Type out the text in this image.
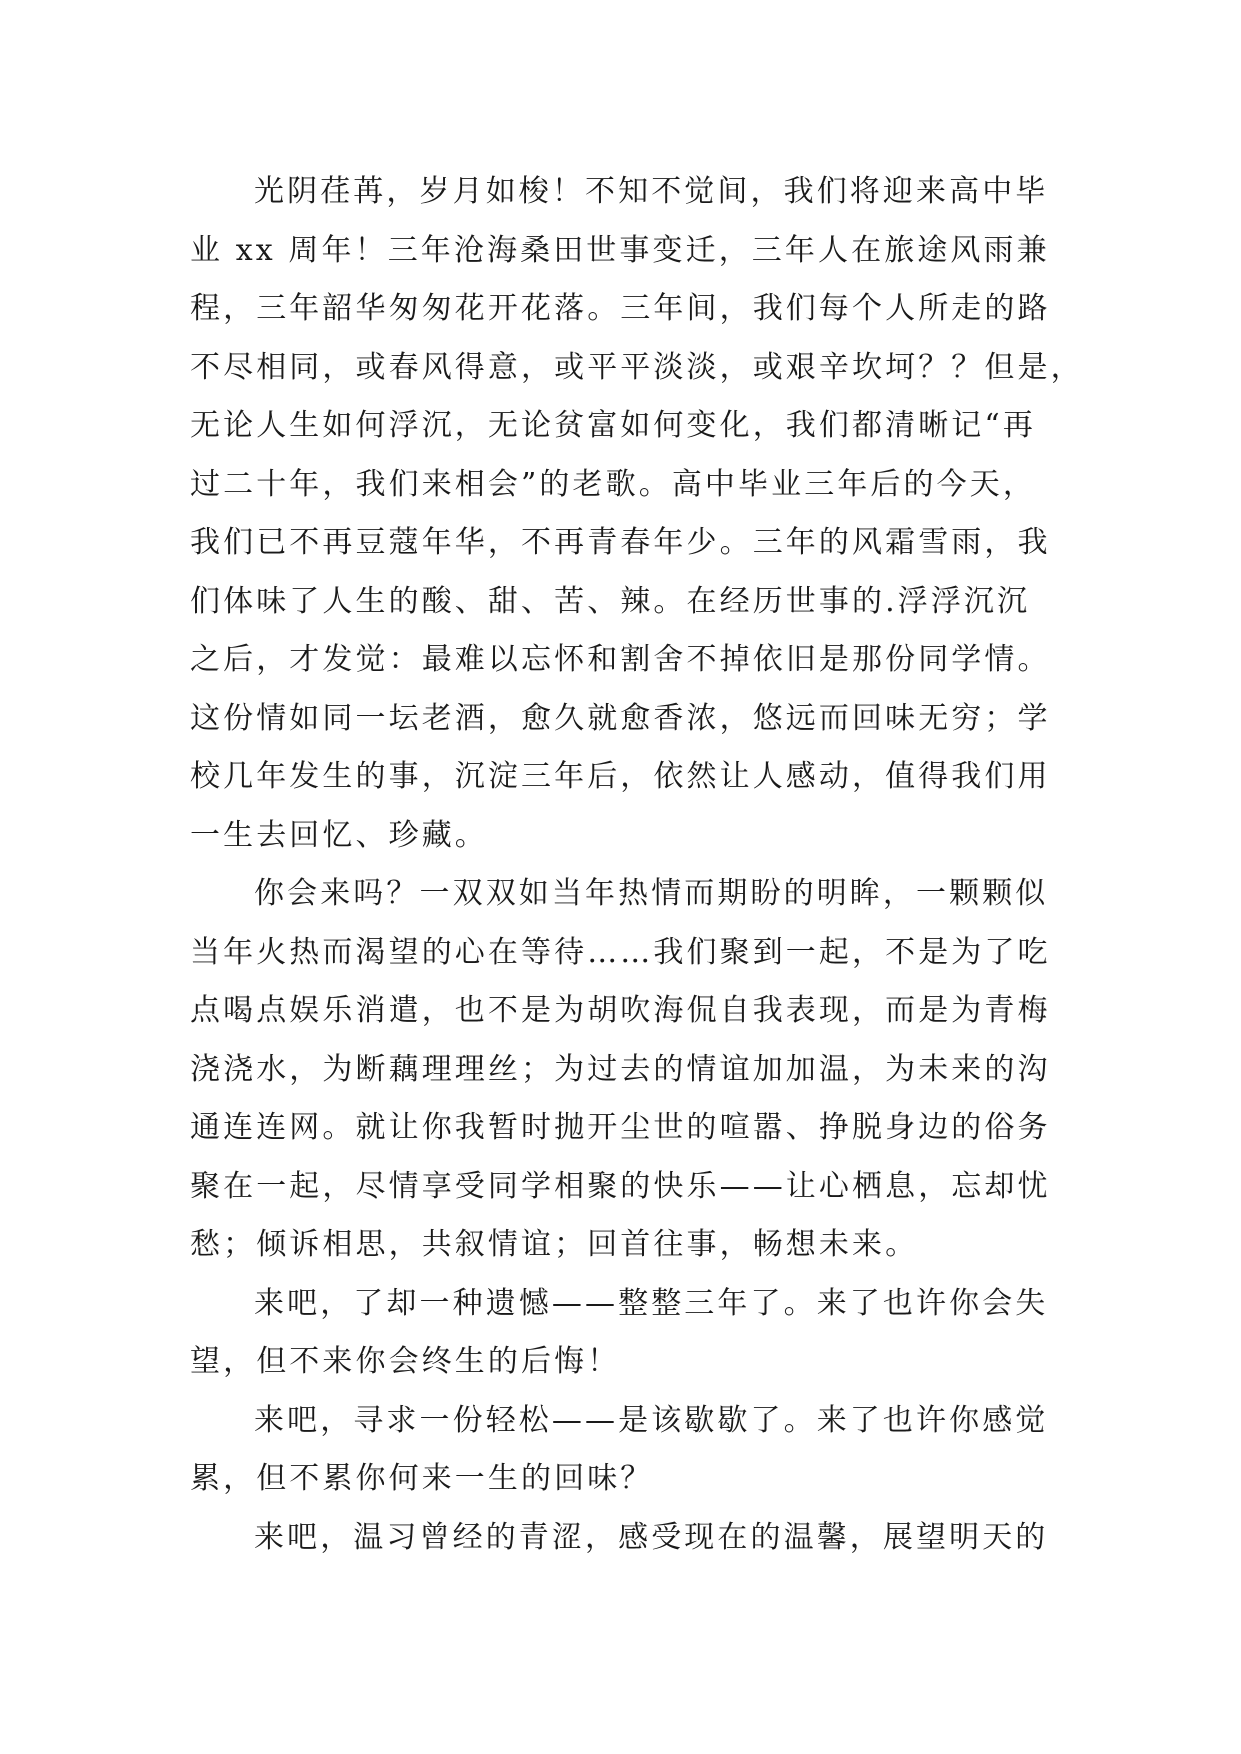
光阴荏苒，岁月如梭！不知不觉间，我们将迎来高中毕
业 xx 周年！三年沧海桑田世事变迁，三年人在旅途风雨兼
程，三年韶华匆匆花开花落。三年间，我们每个人所走的路
不尽相同，或春风得意，或平平淡淡，或艰辛坎坷？？但是，
无论人生如何浮沉，无论贫富如何变化，我们都清晰记“再
过二十年，我们来相会”的老歌。高中毕业三年后的今天，
我们已不再豆蔻年华，不再青春年少。三年的风霜雪雨，我
们体味了人生的酸、甜、苦、辣。在经历世事的.浮浮沉沉
之后，才发觉：最难以忘怀和割舍不掉依旧是那份同学情。
这份情如同一坛老酒，愈久就愈香浓，悠远而回味无穷；学
校几年发生的事，沉淀三年后，依然让人感动，值得我们用
一生去回忆、珍藏。
你会来吗？一双双如当年热情而期盼的明眸，一颗颗似
当年火热而渴望的心在等待……我们聚到一起，不是为了吃
点喝点娱乐消遣，也不是为胡吹海侃自我表现，而是为青梅
浇浇水，为断藕理理丝；为过去的情谊加加温，为未来的沟
通连连网。就让你我暂时抛开尘世的喧嚣、挣脱身边的俗务
聚在一起，尽情享受同学相聚的快乐——让心栖息，忘却忧
愁；倾诉相思，共叙情谊；回首往事，畅想未来。
来吧，了却一种遗憾——整整三年了。来了也许你会失
望，但不来你会终生的后悔！
来吧，寻求一份轻松——是该歇歇了。来了也许你感觉
累，但不累你何来一生的回味？
来吧，温习曾经的青涩，感受现在的温馨，展望明天的
